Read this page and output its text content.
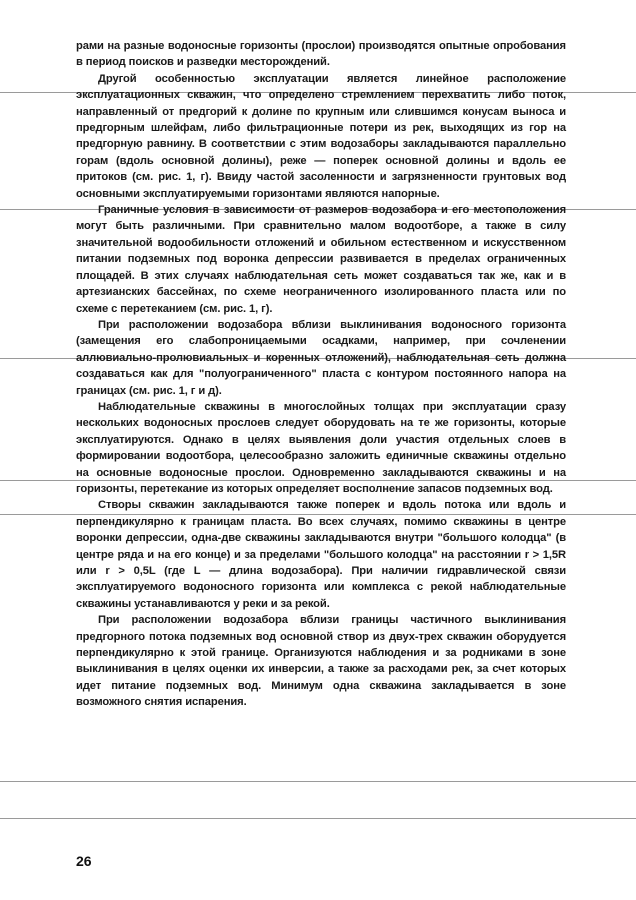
рами на разные водоносные горизонты (прослои) производятся опытные опробования в период поисков и разведки месторождений.

Другой особенностью эксплуатации является линейное расположение эксплуатационных скважин, что определено стремлением перехватить либо поток, направленный от предгорий к долине по крупным или слившимся конусам выноса и предгорным шлейфам, либо фильтрационные потери из рек, выходящих из гор на предгорную равнину. В соответствии с этим водозаборы закладываются параллельно горам (вдоль основной долины), реже — поперек основной долины и вдоль ее притоков (см. рис. 1, г). Ввиду частой засоленности и загрязненности грунтовых вод основными эксплуатируемыми горизонтами являются напорные.

Граничные условия в зависимости от размеров водозабора и его местоположения могут быть различными. При сравнительно малом водоотборе, а также в силу значительной водообильности отложений и обильном естественном и искусственном питании подземных под воронка депрессии развивается в пределах ограниченных площадей. В этих случаях наблюдательная сеть может создаваться так же, как и в артезианских бассейнах, по схеме неограниченного изолированного пласта или по схеме с перетеканием (см. рис. 1, г).

При расположении водозабора вблизи выклинивания водоносного горизонта (замещения его слабопроницаемыми осадками, например, при сочленении аллювиально-пролювиальных и коренных отложений), наблюдательная сеть должна создаваться как для "полуограниченного" пласта с контуром постоянного напора на границах (см. рис. 1, г и д).

Наблюдательные скважины в многослойных толщах при эксплуатации сразу нескольких водоносных прослоев следует оборудовать на те же горизонты, которые эксплуатируются. Однако в целях выявления доли участия отдельных слоев в формировании водоотбора, целесообразно заложить единичные скважины отдельно на основные водоносные прослои. Одновременно закладываются скважины и на горизонты, перетекание из которых определяет восполнение запасов подземных вод.

Створы скважин закладываются также поперек и вдоль потока или вдоль и перпендикулярно к границам пласта. Во всех случаях, помимо скважины в центре воронки депрессии, одна-две скважины закладываются внутри "большого колодца" (в центре ряда и на его конце) и за пределами "большого колодца" на расстоянии r > 1,5R или r > 0,5L (где L — длина водозабора). При наличии гидравлической связи эксплуатируемого водоносного горизонта или комплекса с рекой наблюдательные скважины устанавливаются у реки и за рекой.

При расположении водозабора вблизи границы частичного выклинивания предгорного потока подземных вод основной створ из двух-трех скважин оборудуется перпендикулярно к этой границе. Организуются наблюдения и за родниками в зоне выклинивания в целях оценки их инверсии, а также за расходами рек, за счет которых идет питание подземных вод. Минимум одна скважина закладывается в зоне возможного снятия испарения.

26
